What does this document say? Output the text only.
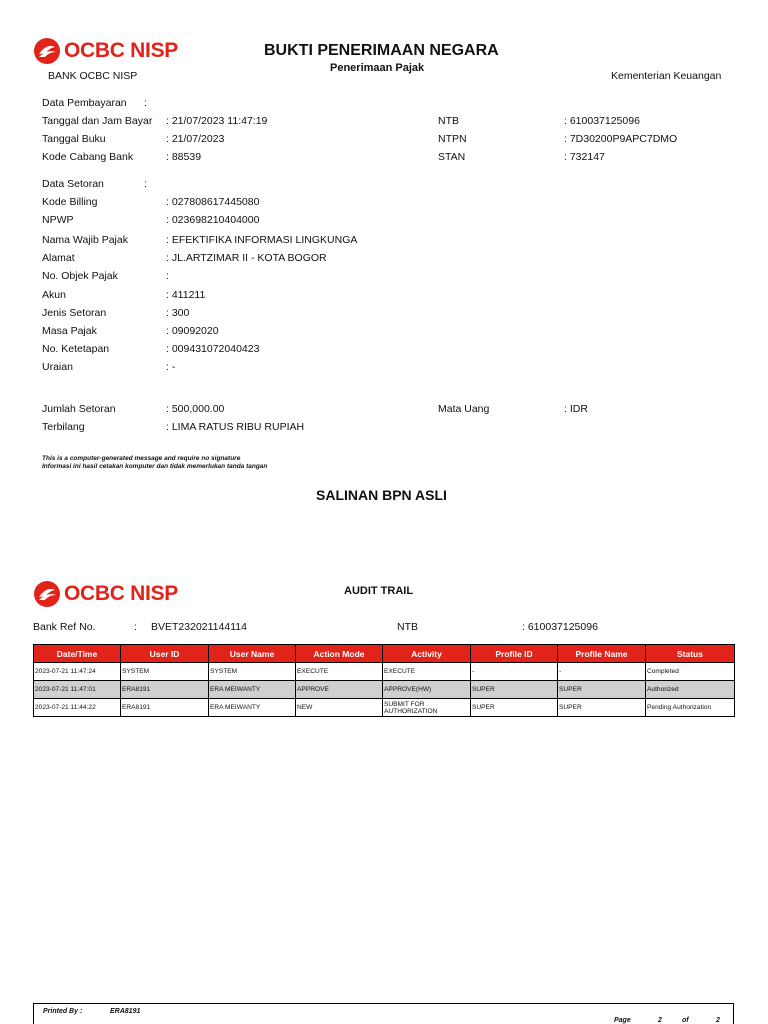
OCBC NISP
BANK OCBC NISP
BUKTI PENERIMAAN NEGARA
Penerimaan Pajak
Kementerian Keuangan
Data Pembayaran :
Tanggal dan Jam Bayar : 21/07/2023 11:47:19	NTB	: 610037125096
Tanggal Buku	: 21/07/2023	NTPN	: 7D30200P9APC7DMO
Kode Cabang Bank	: 88539	STAN	: 732147
Data Setoran	:
Kode Billing	: 027808617445080
NPWP	: 023698210404000
Nama Wajib Pajak	: EFEKTIFIKA INFORMASI LINGKUNGA
Alamat	: JL.ARTZIMAR II - KOTA BOGOR
No. Objek Pajak	:
Akun	: 411211
Jenis Setoran	: 300
Masa Pajak	: 09092020
No. Ketetapan	: 009431072040423
Uraian	: -
Jumlah Setoran	: 500,000.00	Mata Uang	: IDR
Terbilang	: LIMA RATUS RIBU RUPIAH
This is a computer-generated message and require no signature
Informasi ini hasil cetakan komputer dan tidak memerlukan tanda tangan
SALINAN BPN ASLI
OCBC NISP	AUDIT TRAIL
Bank Ref No.	: BVET232021144114	NTB	: 610037125096
Date/Time	User ID	User Name	Action Mode	Activity	Profile ID	Profile Name	Status
2023-07-21 11:47:24	SYSTEM	SYSTEM	EXECUTE	EXECUTE	-	-	Completed
2023-07-21 11:47:01	ERA8191	ERA MEIWANTY	APPROVE	APPROVE(HW)	SUPER	SUPER	Authorized
2023-07-21 11:44:22	ERA8191	ERA MEIWANTY	NEW	SUBMIT FOR AUTHORIZATION	SUPER	SUPER	Pending Authorization
Printed By :	ERA8191
Page	2	of	2
